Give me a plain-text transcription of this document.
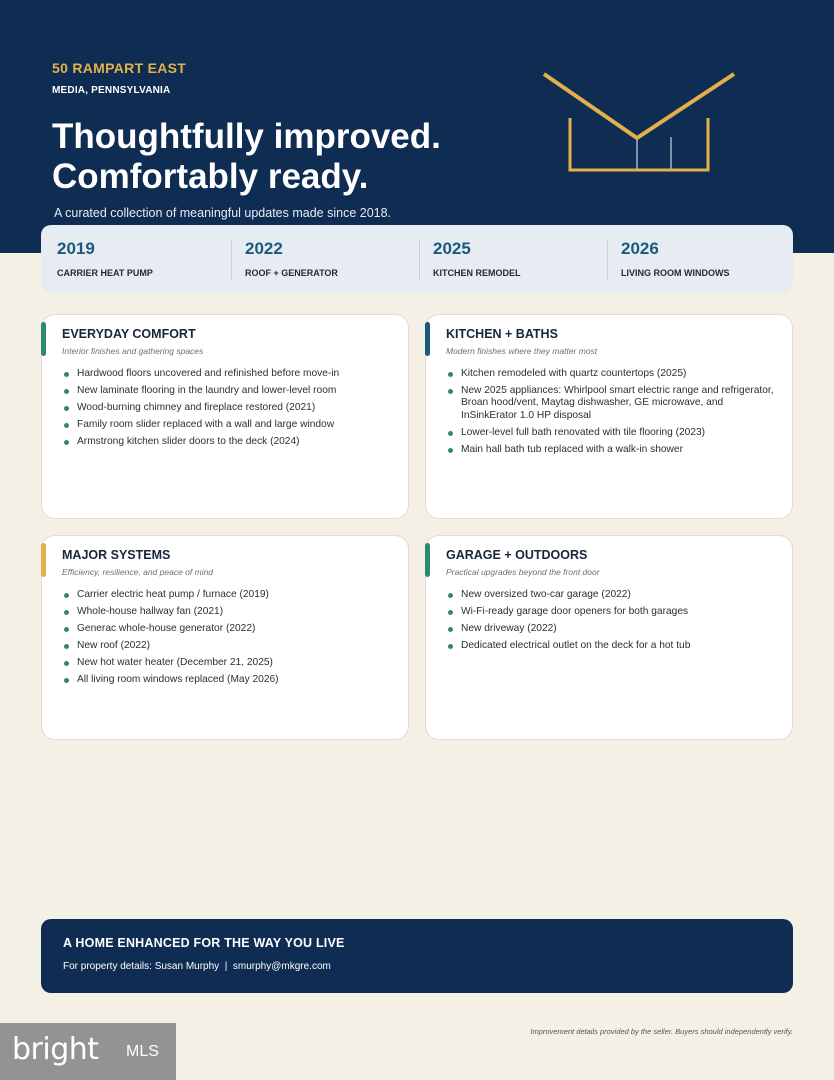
50 RAMPART EAST
MEDIA, PENNSYLVANIA
Thoughtfully improved.
Comfortably ready.
A curated collection of meaningful updates made since 2018.
2019
CARRIER HEAT PUMP
2022
ROOF + GENERATOR
2025
KITCHEN REMODEL
2026
LIVING ROOM WINDOWS
EVERYDAY COMFORT
Interior finishes and gathering spaces
Hardwood floors uncovered and refinished before move-in
New laminate flooring in the laundry and lower-level room
Wood-burning chimney and fireplace restored (2021)
Family room slider replaced with a wall and large window
Armstrong kitchen slider doors to the deck (2024)
KITCHEN + BATHS
Modern finishes where they matter most
Kitchen remodeled with quartz countertops (2025)
New 2025 appliances: Whirlpool smart electric range and refrigerator, Broan hood/vent, Maytag dishwasher, GE microwave, and InSinkErator 1.0 HP disposal
Lower-level full bath renovated with tile flooring (2023)
Main hall bath tub replaced with a walk-in shower
MAJOR SYSTEMS
Efficiency, resilience, and peace of mind
Carrier electric heat pump / furnace (2019)
Whole-house hallway fan (2021)
Generac whole-house generator (2022)
New roof (2022)
New hot water heater (December 21, 2025)
All living room windows replaced (May 2026)
GARAGE + OUTDOORS
Practical upgrades beyond the front door
New oversized two-car garage (2022)
Wi-Fi-ready garage door openers for both garages
New driveway (2022)
Dedicated electrical outlet on the deck for a hot tub
A HOME ENHANCED FOR THE WAY YOU LIVE
For property details: Susan Murphy  |  smurphy@mkgre.com
Improvement details provided by the seller. Buyers should independently verify.
bright MLS
